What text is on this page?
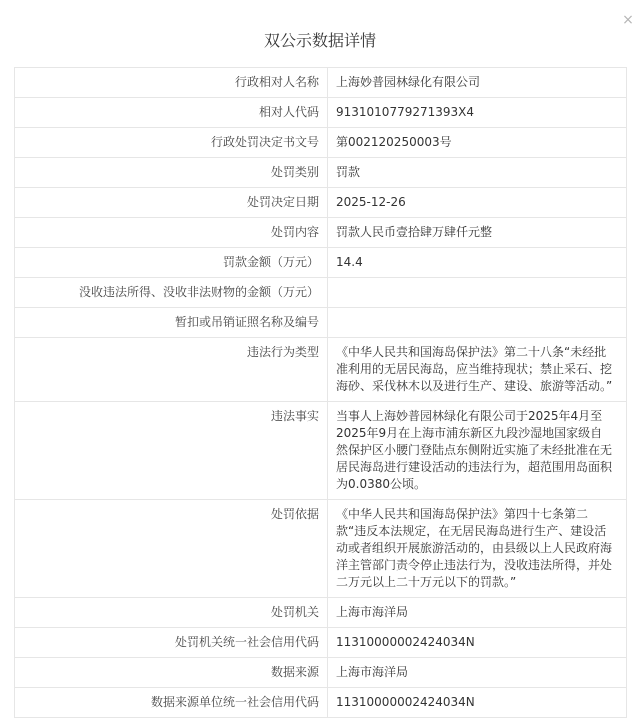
×
双公示数据详情
行政相对人名称	上海妙普园林绿化有限公司
相对人代码	9131010779271393X4
行政处罚决定书文号	第002120250003号
处罚类别	罚款
处罚决定日期	2025-12-26
处罚内容	罚款人民币壹拾肆万肆仟元整
罚款金额（万元）	14.4
没收违法所得、没收非法财物的金额（万元）	
暂扣或吊销证照名称及编号	
违法行为类型	《中华人民共和国海岛保护法》第二十八条“未经批准利用的无居民海岛，应当维持现状；禁止采石、挖海砂、采伐林木以及进行生产、建设、旅游等活动。”
违法事实	当事人上海妙普园林绿化有限公司于2025年4月至2025年9月在上海市浦东新区九段沙湿地国家级自然保护区小腰门登陆点东侧附近实施了未经批准在无居民海岛进行建设活动的违法行为，超范围用岛面积为0.0380公顷。
处罚依据	《中华人民共和国海岛保护法》第四十七条第二款“违反本法规定，在无居民海岛进行生产、建设活动或者组织开展旅游活动的，由县级以上人民政府海洋主管部门责令停止违法行为，没收违法所得，并处二万元以上二十万元以下的罚款。”
处罚机关	上海市海洋局
处罚机关统一社会信用代码	11310000002424034N
数据来源	上海市海洋局
数据来源单位统一社会信用代码	11310000002424034N
